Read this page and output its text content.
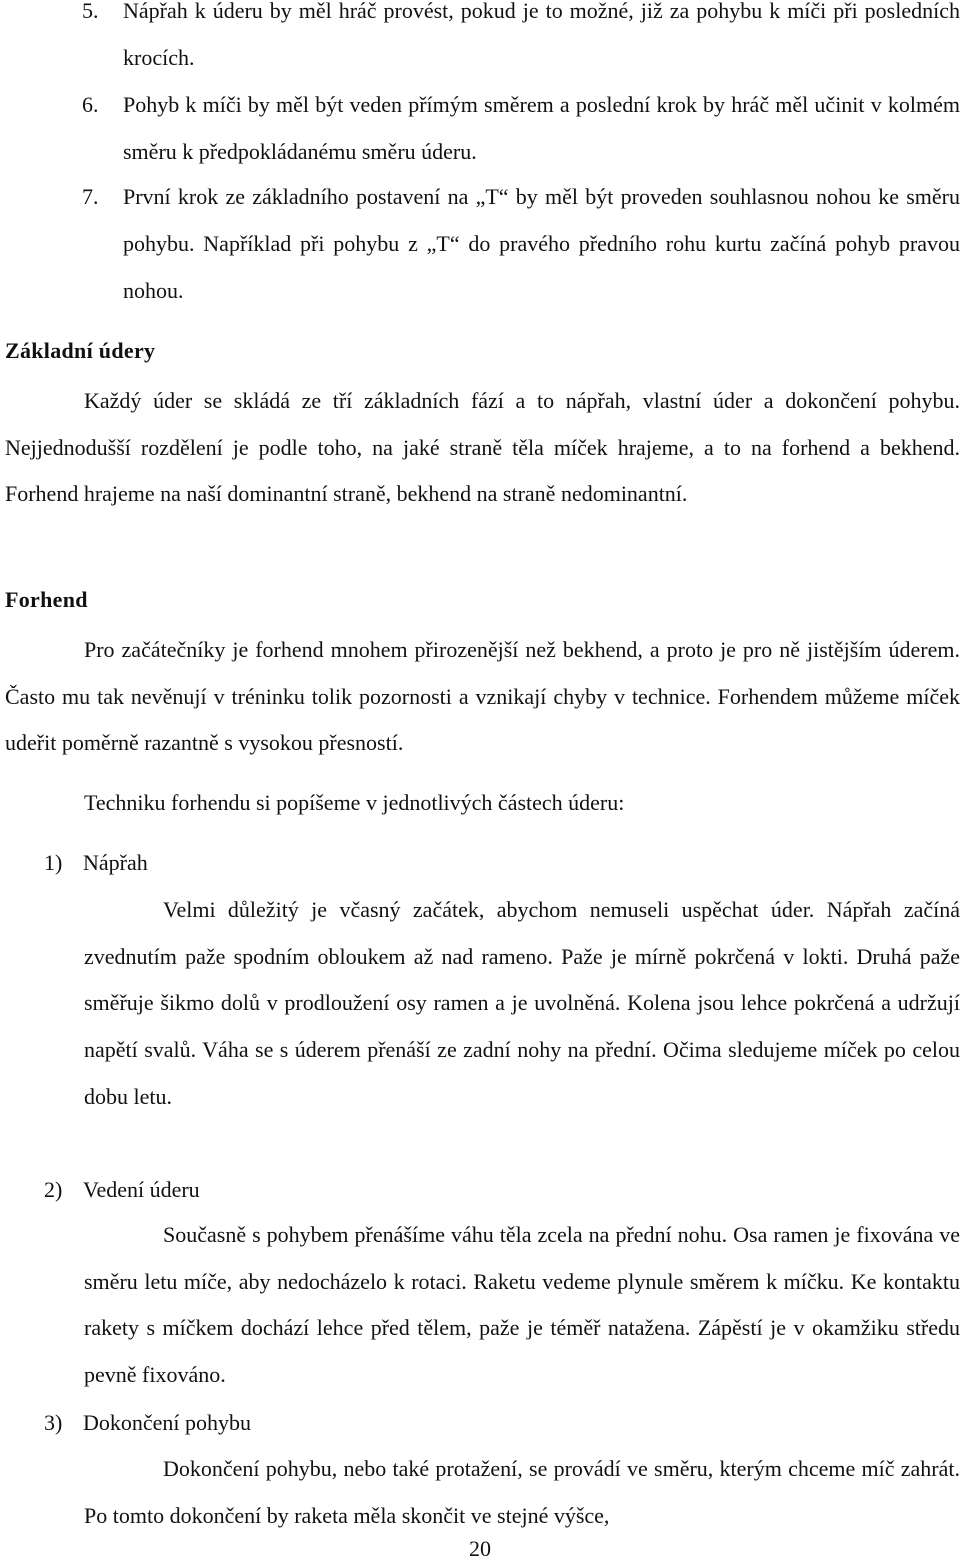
5.	Nápřah k úderu by měl hráč provést, pokud je to možné, již za pohybu k míči při posledních krocích.
6.	Pohyb k míči by měl být veden přímým směrem a poslední krok by hráč měl učinit v kolmém směru k předpokládanému směru úderu.
7.	První krok ze základního postavení na „T“ by měl být proveden souhlasnou nohou ke směru pohybu. Například při pohybu z „T“ do pravého předního rohu kurtu začíná pohyb pravou nohou.
Základní údery
Každý úder se skládá ze tří základních fází a to nápřah, vlastní úder a dokončení pohybu. Nejjednodušší rozdělení je podle toho, na jaké straně těla míček hrajeme, a to na forhend a bekhend. Forhend hrajeme na naší dominantní straně, bekhend na straně nedominantní.
Forhend
Pro začátečníky je forhend mnohem přirozenější než bekhend, a proto je pro ně jistějším úderem. Často mu tak nevěnují v tréninku tolik pozornosti a vznikají chyby v technice. Forhendem můžeme míček udeřit poměrně razantně s vysokou přesností.
Techniku forhendu si popíšeme v jednotlivých částech úderu:
1) Nápřah
Velmi důležitý je včasný začátek, abychom nemuseli uspěchat úder. Nápřah začíná zvednutím paže spodním obloukem až nad rameno. Paže je mírně pokrčená v lokti. Druhá paže směřuje šikmo dolů v prodloužení osy ramen a je uvolněná. Kolena jsou lehce pokrčená a udržují napětí svalů. Váha se s úderem přenáší ze zadní nohy na přední. Očima sledujeme míček po celou dobu letu.
2) Vedení úderu
Současně s pohybem přenášíme váhu těla zcela na přední nohu. Osa ramen je fixována ve směru letu míče, aby nedocházelo k rotaci. Raketu vedeme plynule směrem k míčku. Ke kontaktu rakety s míčkem dochází lehce před tělem, paže je téměř natažena. Zápěstí je v okamžiku středu pevně fixováno.
3) Dokončení pohybu
Dokončení pohybu, nebo také protažení, se provádí ve směru, kterým chceme míč zahrát. Po tomto dokončení by raketa měla skončit ve stejné výšce,
20
